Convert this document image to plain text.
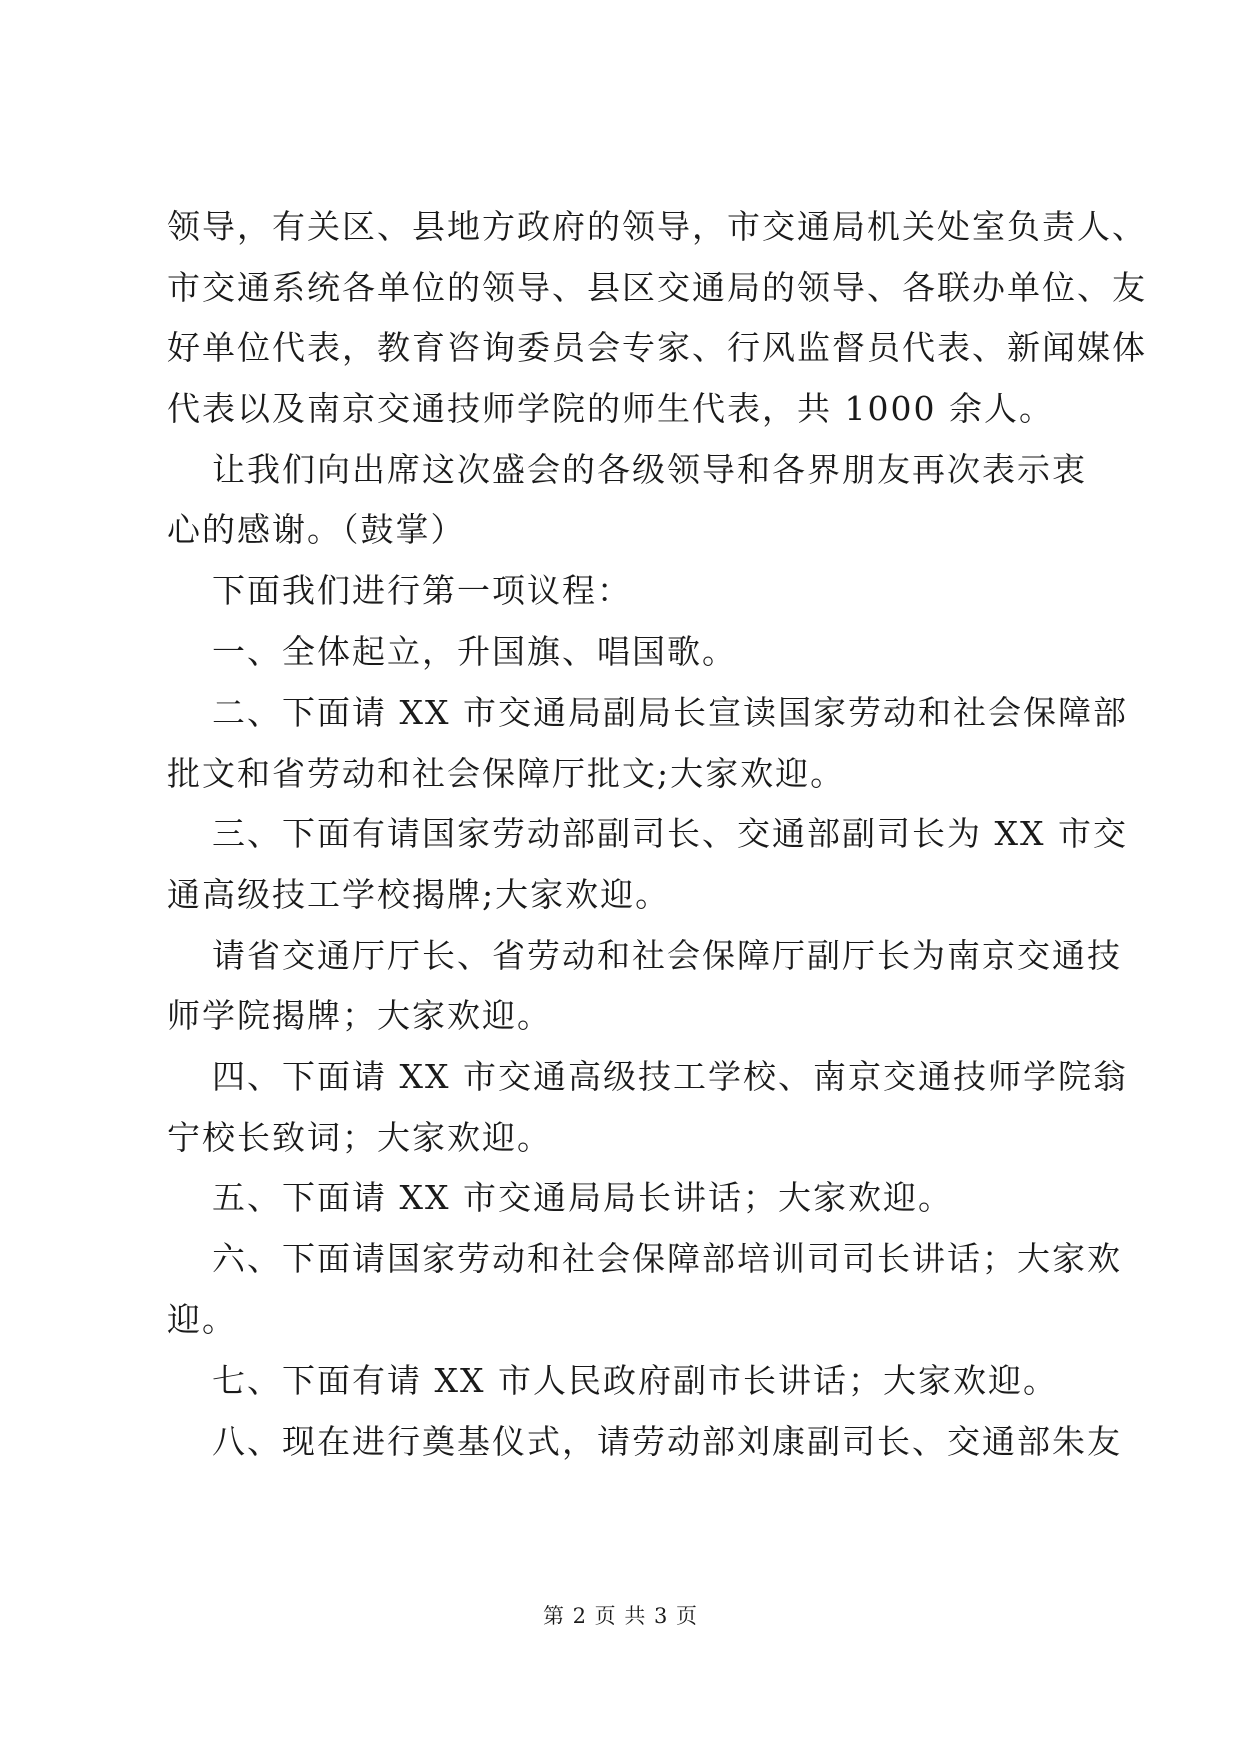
领导，有关区、县地方政府的领导，市交通局机关处室负责人、
市交通系统各单位的领导、县区交通局的领导、各联办单位、友
好单位代表，教育咨询委员会专家、行风监督员代表、新闻媒体
代表以及南京交通技师学院的师生代表，共 1000 余人。
让我们向出席这次盛会的各级领导和各界朋友再次表示衷
心的感谢。（鼓掌）
下面我们进行第一项议程：
一、全体起立，升国旗、唱国歌。
二、下面请 XX 市交通局副局长宣读国家劳动和社会保障部
批文和省劳动和社会保障厅批文;大家欢迎。
三、下面有请国家劳动部副司长、交通部副司长为 XX 市交
通高级技工学校揭牌;大家欢迎。
请省交通厅厅长、省劳动和社会保障厅副厅长为南京交通技
师学院揭牌；大家欢迎。
四、下面请 XX 市交通高级技工学校、南京交通技师学院翁
宁校长致词；大家欢迎。
五、下面请 XX 市交通局局长讲话；大家欢迎。
六、下面请国家劳动和社会保障部培训司司长讲话；大家欢
迎。
七、下面有请 XX 市人民政府副市长讲话；大家欢迎。
八、现在进行奠基仪式，请劳动部刘康副司长、交通部朱友
第 2 页 共 3 页
